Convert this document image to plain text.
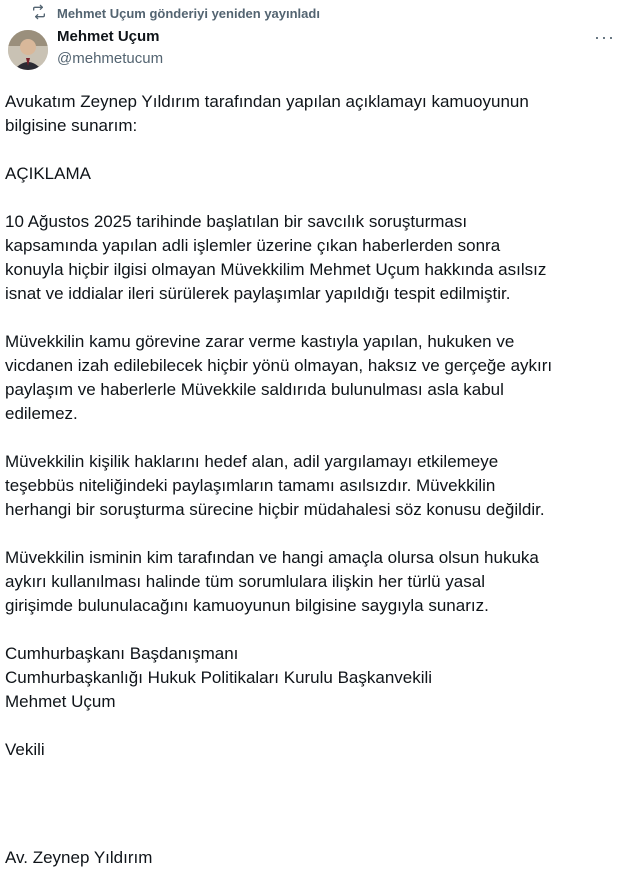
Mehmet Uçum gönderiyi yeniden yayınladı
Mehmet Uçum
@mehmetucum
···

Avukatım Zeynep Yıldırım tarafından yapılan açıklamayı kamuoyunun
bilgisine sunarım:

AÇIKLAMA

10 Ağustos 2025 tarihinde başlatılan bir savcılık soruşturması
kapsamında yapılan adli işlemler üzerine çıkan haberlerden sonra
konuyla hiçbir ilgisi olmayan Müvekkilim Mehmet Uçum hakkında asılsız
isnat ve iddialar ileri sürülerek paylaşımlar yapıldığı tespit edilmiştir.

Müvekkilin kamu görevine zarar verme kastıyla yapılan, hukuken ve
vicdanen izah edilebilecek hiçbir yönü olmayan, haksız ve gerçeğe aykırı
paylaşım ve haberlerle Müvekkile saldırıda bulunulması asla kabul
edilemez.

Müvekkilin kişilik haklarını hedef alan, adil yargılamayı etkilemeye
teşebbüs niteliğindeki paylaşımların tamamı asılsızdır. Müvekkilin
herhangi bir soruşturma sürecine hiçbir müdahalesi söz konusu değildir.

Müvekkilin isminin kim tarafından ve hangi amaçla olursa olsun hukuka
aykırı kullanılması halinde tüm sorumlulara ilişkin her türlü yasal
girişimde bulunulacağını kamuoyunun bilgisine saygıyla sunarız.

Cumhurbaşkanı Başdanışmanı
Cumhurbaşkanlığı Hukuk Politikaları Kurulu Başkanvekili
Mehmet Uçum

Vekili

Av. Zeynep Yıldırım
